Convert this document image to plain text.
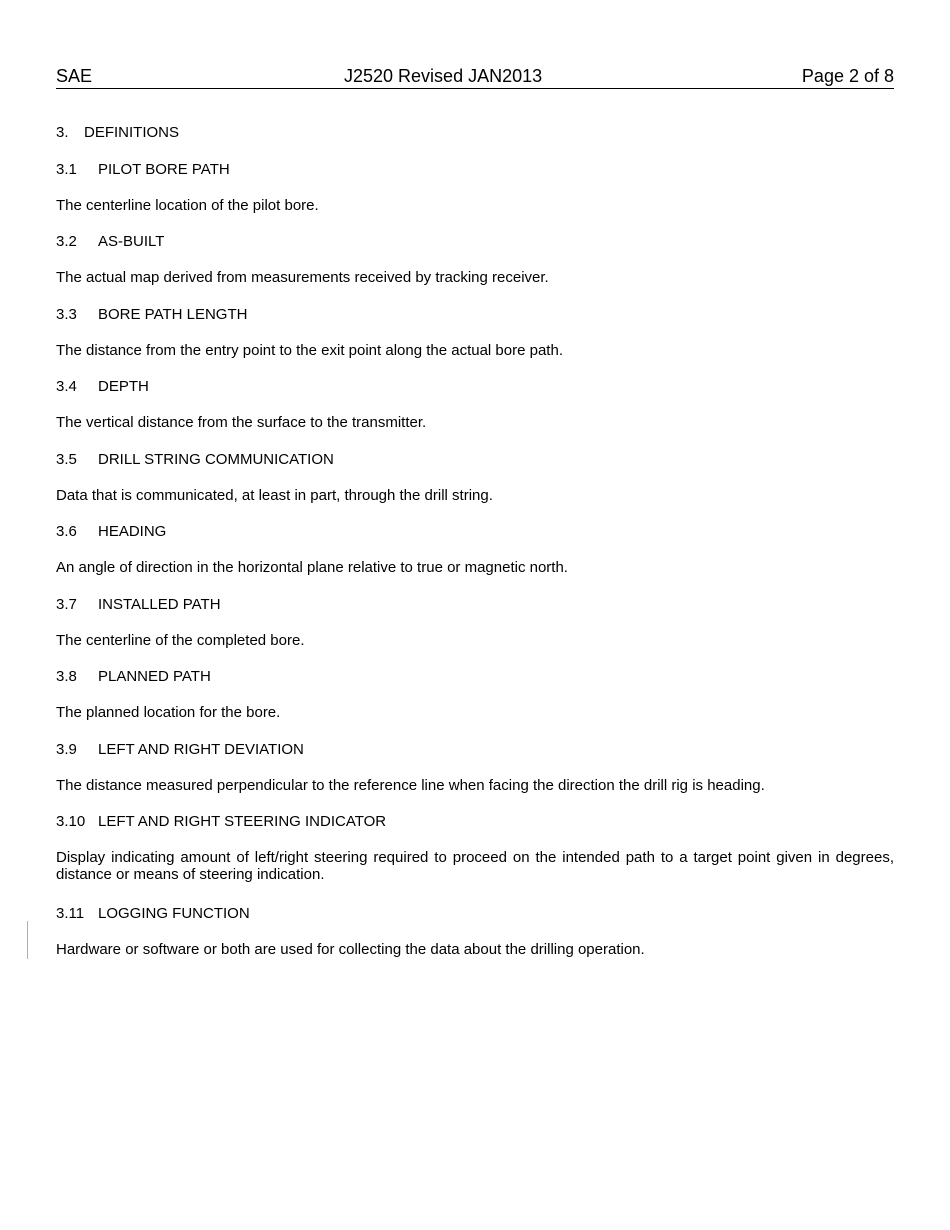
SAE	J2520 Revised JAN2013	Page 2 of 8
3. DEFINITIONS
3.1 PILOT BORE PATH
The centerline location of the pilot bore.
3.2 AS-BUILT
The actual map derived from measurements received by tracking receiver.
3.3 BORE PATH LENGTH
The distance from the entry point to the exit point along the actual bore path.
3.4 DEPTH
The vertical distance from the surface to the transmitter.
3.5 DRILL STRING COMMUNICATION
Data that is communicated, at least in part, through the drill string.
3.6 HEADING
An angle of direction in the horizontal plane relative to true or magnetic north.
3.7 INSTALLED PATH
The centerline of the completed bore.
3.8 PLANNED PATH
The planned location for the bore.
3.9 LEFT AND RIGHT DEVIATION
The distance measured perpendicular to the reference line when facing the direction the drill rig is heading.
3.10 LEFT AND RIGHT STEERING INDICATOR
Display indicating amount of left/right steering required to proceed on the intended path to a target point given in degrees, distance or means of steering indication.
3.11 LOGGING FUNCTION
Hardware or software or both are used for collecting the data about the drilling operation.
